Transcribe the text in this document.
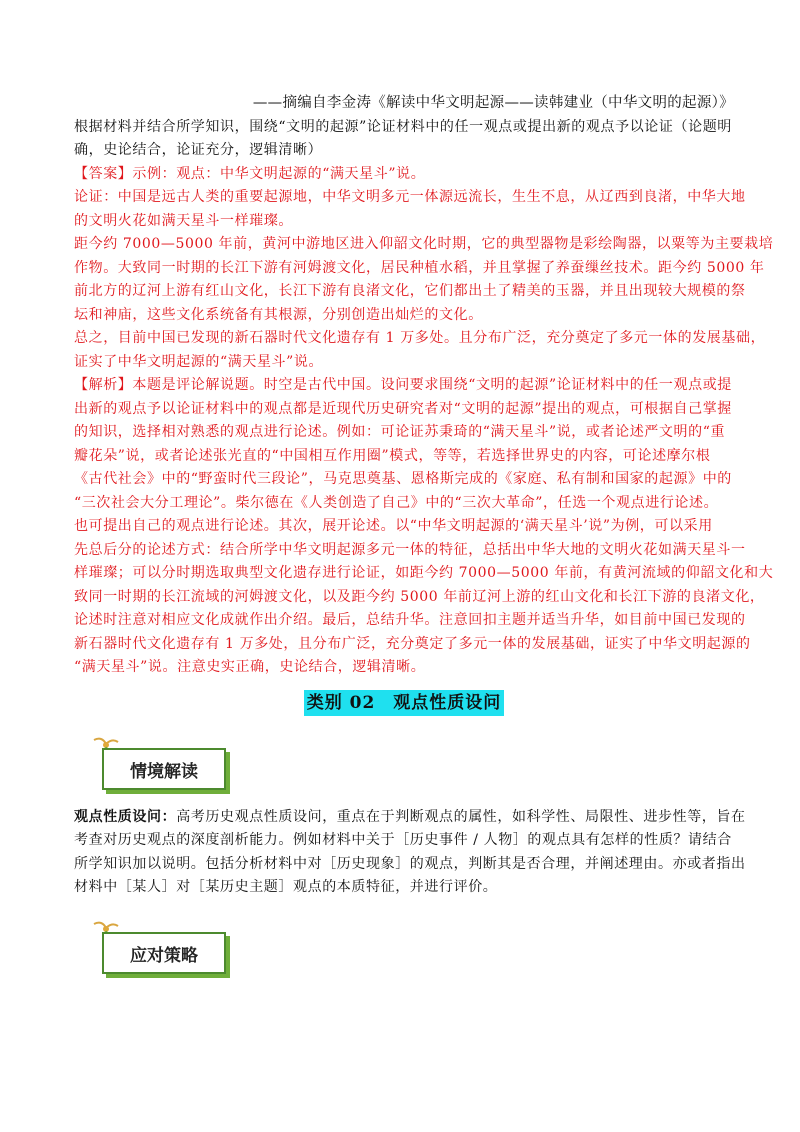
——摘编自李金涛《解读中华文明起源——读韩建业（中华文明的起源）》
根据材料并结合所学知识，围绕“文明的起源”论证材料中的任一观点或提出新的观点予以论证（论题明
确，史论结合，论证充分，逻辑清晰）
【答案】示例：观点：中华文明起源的“满天星斗”说。
论证：中国是远古人类的重要起源地，中华文明多元一体源远流长，生生不息，从辽西到良渚，中华大地
的文明火花如满天星斗一样璀璨。
距今约 7000—5000 年前，黄河中游地区进入仰韶文化时期，它的典型器物是彩绘陶器，以粟等为主要栽培
作物。大致同一时期的长江下游有河姆渡文化，居民种植水稻，并且掌握了养蚕缫丝技术。距今约 5000 年
前北方的辽河上游有红山文化，长江下游有良渚文化，它们都出土了精美的玉器，并且出现较大规模的祭
坛和神庙，这些文化系统备有其根源，分别创造出灿烂的文化。
总之，目前中国已发现的新石器时代文化遗存有 1 万多处。且分布广泛，充分奠定了多元一体的发展基础，
证实了中华文明起源的“满天星斗”说。
【解析】本题是评论解说题。时空是古代中国。设问要求围绕“文明的起源”论证材料中的任一观点或提
出新的观点予以论证材料中的观点都是近现代历史研究者对“文明的起源”提出的观点，可根据自己掌握
的知识，选择相对熟悉的观点进行论述。例如：可论证苏秉琦的“满天星斗”说，或者论述严文明的“重
瓣花朵”说，或者论述张光直的“中国相互作用圈”模式，等等，若选择世界史的内容，可论述摩尔根
《古代社会》中的“野蛮时代三段论”，马克思奠基、恩格斯完成的《家庭、私有制和国家的起源》中的
“三次社会大分工理论”。柴尔德在《人类创造了自己》中的“三次大革命”，任选一个观点进行论述。
也可提出自己的观点进行论述。其次，展开论述。以“中华文明起源的‘满天星斗’说”为例，可以采用
先总后分的论述方式：结合所学中华文明起源多元一体的特征，总括出中华大地的文明火花如满天星斗一
样璀璨；可以分时期选取典型文化遗存进行论证，如距今约 7000—5000 年前，有黄河流域的仰韶文化和大
致同一时期的长江流域的河姆渡文化，以及距今约 5000 年前辽河上游的红山文化和长江下游的良渚文化，
论述时注意对相应文化成就作出介绍。最后，总结升华。注意回扣主题并适当升华，如目前中国已发现的
新石器时代文化遗存有 1 万多处，且分布广泛，充分奠定了多元一体的发展基础，证实了中华文明起源的
“满天星斗”说。注意史实正确，史论结合，逻辑清晰。
类别 02　观点性质设问
情境解读
观点性质设问：高考历史观点性质设问，重点在于判断观点的属性，如科学性、局限性、进步性等，旨在
考查对历史观点的深度剖析能力。例如材料中关于［历史事件 / 人物］的观点具有怎样的性质？请结合
所学知识加以说明。包括分析材料中对［历史现象］的观点，判断其是否合理，并阐述理由。亦或者指出
材料中［某人］对［某历史主题］观点的本质特征，并进行评价。
应对策略
